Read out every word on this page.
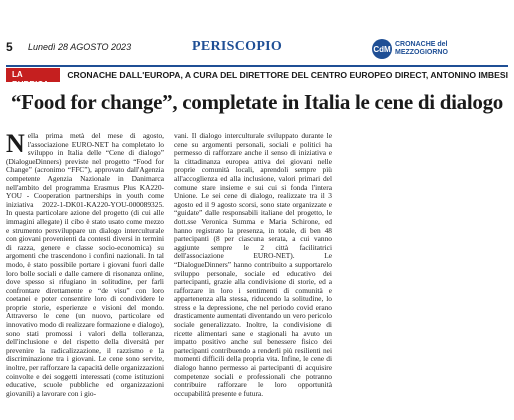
5 Lunedì 28 AGOSTO 2023	PERISCOPIO	CdM CRONACHE del
MEZZOGIORNO
LA RUBRICA
CRONACHE DALL'EUROPA, A CURA DEL DIRETTORE DEL CENTRO EUROPEO DIRECT, ANTONINO IMBESI
“Food for change”, completate in Italia le cene di dialogo
Nella prima metà del mese di agosto, l'associazione EURO-NET ha completato lo sviluppo in Italia delle “Cene di dialogo” (DialogueDinners) previste nel progetto “Food for Change” (acronimo “FFC”), approvato dall'Agenzia competente Agenzia Nazionale in Danimarca nell'ambito del programma Erasmus Plus KA220-YOU - Cooperation partnerships in youth come iniziativa 2022-1-DK01-KA220-YOU-000089325. In questa particolare azione del progetto (di cui alle immagini allegate) il cibo è stato usato come mezzo e strumento persviluppare un dialogo interculturale con giovani provenienti da contesti diversi in termini di razza, genere e classe socio-economica) su argomenti che trascendono i confini nazionali. In tal modo, è stato possibile portare i giovani fuori dalle loro bolle sociali e dalle camere di risonanza online, dove spesso si rifugiano in solitudine, per farli confrontare direttamente e “de visu” con loro coetanei e poter consentire loro di condividere le proprie storie, esperienze e visioni del mondo. Attraverso le cene (un nuovo, particolare ed innovativo modo di realizzare formazione e dialogo), sono stati promossi i valori della tolleranza, dell'inclusione e del rispetto della diversità per prevenire la radicalizzazione, il razzismo e la discriminazione tra i giovani. Le cene sono servite, inoltre, per rafforzare la capacità delle organizzazioni coinvolte e dei soggetti interessati (come istituzioni educative, scuole pubbliche ed organizzazioni giovanili) a lavorare con i gio-
vani. Il dialogo interculturale sviluppato durante le cene su argomenti personali, sociali e politici ha permesso di rafforzare anche il senso di iniziativa e la cittadinanza europea attiva dei giovani nelle proprie comunità locali, aprendoli sempre più all'accoglienza ed alla inclusione, valori primari del comune stare insieme e sui cui si fonda l'intera Unione. Le sei cene di dialogo, realizzate tra il 3 agosto ed il 9 agosto scorsi, sono state organizzate e “guidate” dalle responsabili italiane del progetto, le dott.sse Veronica Summa e Maria Schirone, ed hanno registrato la presenza, in totale, di ben 48 partecipanti (8 per ciascuna serata, a cui vanno aggiunte sempre le 2 città facilitatrici dell'associazione EURO-NET). Le “DialogueDinners” hanno contribuito a supportarelo sviluppo personale, sociale ed educativo dei partecipanti, grazie alla condivisione di storie, ed a rafforzare in loro i sentimenti di comunità e appartenenza alla stessa, riducendo la solitudine, lo stress e la depressione, che nel periodo covid erano drasticamente aumentati diventando un vero pericolo sociale generalizzato. Inoltre, la condivisione di ricette alimentari sane e stagionali ha avuto un impatto positivo anche sul benessere fisico dei partecipanti contribuendo a renderli più resilienti nei momenti difficili della propria vita. Infine, le cene di dialogo hanno permesso ai partecipanti di acquisire competenze sociali e professionali che potranno contribuire rafforzare le loro opportunità occupabilità presente e futura.
